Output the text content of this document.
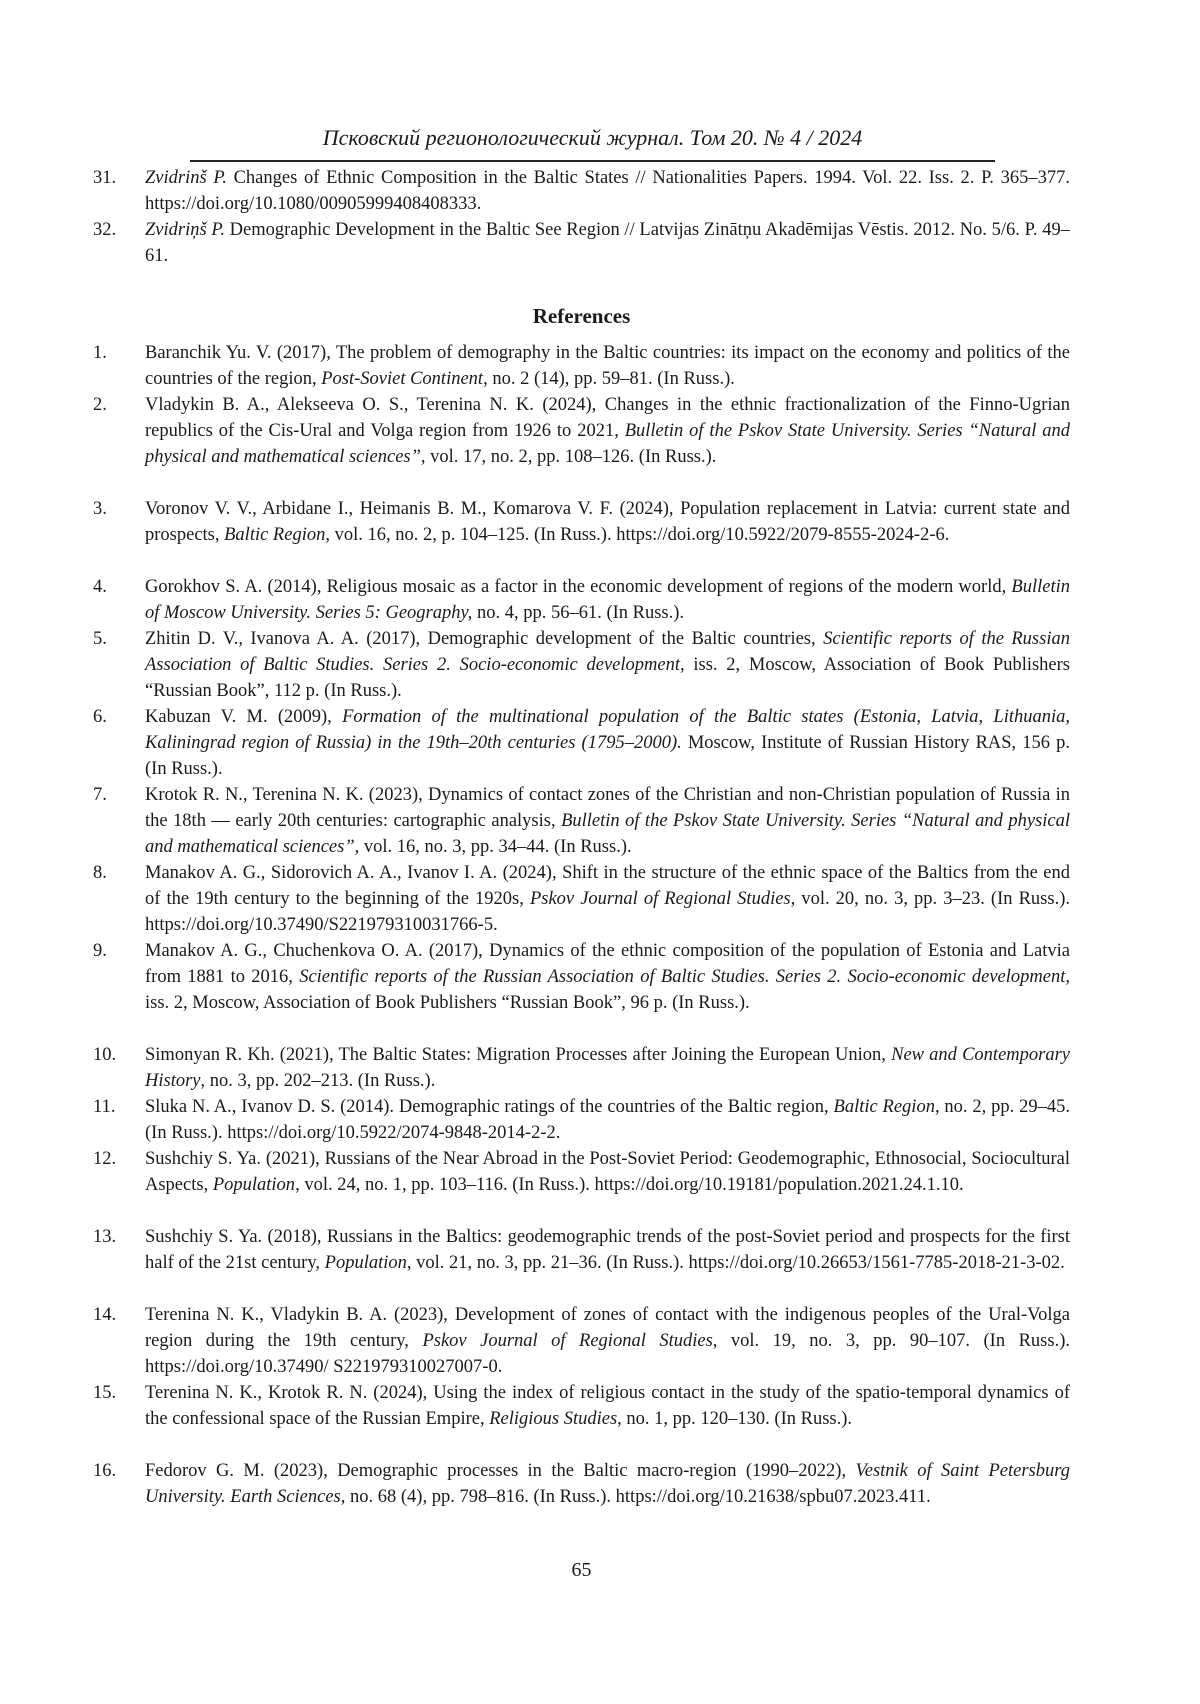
Псковский регионологический журнал. Том 20. № 4 / 2024
31.	Zvidrinš P. Changes of Ethnic Composition in the Baltic States // Nationalities Papers. 1994. Vol. 22. Iss. 2. P. 365–377. https://doi.org/10.1080/00905999408408333.
32.	Zvidriņš P. Demographic Development in the Baltic See Region // Latvijas Zinātņu Akadēmijas Vēstis. 2012. No. 5/6. P. 49–61.
References
1.	Baranchik Yu. V. (2017), The problem of demography in the Baltic countries: its impact on the economy and politics of the countries of the region, Post-Soviet Continent, no. 2 (14), pp. 59–81. (In Russ.).
2.	Vladykin B. A., Alekseeva O. S., Terenina N. K. (2024), Changes in the ethnic fractionalization of the Finno-Ugrian republics of the Cis-Ural and Volga region from 1926 to 2021, Bulletin of the Pskov State University. Series “Natural and physical and mathematical sciences”, vol. 17, no. 2, pp. 108–126. (In Russ.).
3.	Voronov V. V., Arbidane I., Heimanis B. M., Komarova V. F. (2024), Population replacement in Latvia: current state and prospects, Baltic Region, vol. 16, no. 2, p. 104–125. (In Russ.). https://doi.org/10.5922/2079-8555-2024-2-6.
4.	Gorokhov S. A. (2014), Religious mosaic as a factor in the economic development of regions of the modern world, Bulletin of Moscow University. Series 5: Geography, no. 4, pp. 56–61. (In Russ.).
5.	Zhitin D. V., Ivanova A. A. (2017), Demographic development of the Baltic countries, Scientific reports of the Russian Association of Baltic Studies. Series 2. Socio-economic development, iss. 2, Moscow, Association of Book Publishers “Russian Book”, 112 p. (In Russ.).
6.	Kabuzan V. M. (2009), Formation of the multinational population of the Baltic states (Estonia, Latvia, Lithuania, Kaliningrad region of Russia) in the 19th–20th centuries (1795–2000). Moscow, Institute of Russian History RAS, 156 p. (In Russ.).
7.	Krotok R. N., Terenina N. K. (2023), Dynamics of contact zones of the Christian and non-Christian population of Russia in the 18th — early 20th centuries: cartographic analysis, Bulletin of the Pskov State University. Series “Natural and physical and mathematical sciences”, vol. 16, no. 3, pp. 34–44. (In Russ.).
8.	Manakov A. G., Sidorovich A. A., Ivanov I. A. (2024), Shift in the structure of the ethnic space of the Baltics from the end of the 19th century to the beginning of the 1920s, Pskov Journal of Regional Studies, vol. 20, no. 3, pp. 3–23. (In Russ.). https://doi.org/10.37490/S221979310031766-5.
9.	Manakov A. G., Chuchenkova O. A. (2017), Dynamics of the ethnic composition of the population of Estonia and Latvia from 1881 to 2016, Scientific reports of the Russian Association of Baltic Studies. Series 2. Socio-economic development, iss. 2, Moscow, Association of Book Publishers “Russian Book”, 96 p. (In Russ.).
10.	Simonyan R. Kh. (2021), The Baltic States: Migration Processes after Joining the European Union, New and Contemporary History, no. 3, pp. 202–213. (In Russ.).
11.	Sluka N. A., Ivanov D. S. (2014). Demographic ratings of the countries of the Baltic region, Baltic Region, no. 2, pp. 29–45. (In Russ.). https://doi.org/10.5922/2074-9848-2014-2-2.
12.	Sushchiy S. Ya. (2021), Russians of the Near Abroad in the Post-Soviet Period: Geodemographic, Ethnosocial, Sociocultural Aspects, Population, vol. 24, no. 1, pp. 103–116. (In Russ.). https://doi.org/10.19181/population.2021.24.1.10.
13.	Sushchiy S. Ya. (2018), Russians in the Baltics: geodemographic trends of the post-Soviet period and prospects for the first half of the 21st century, Population, vol. 21, no. 3, pp. 21–36. (In Russ.). https://doi.org/10.26653/1561-7785-2018-21-3-02.
14.	Terenina N. K., Vladykin B. A. (2023), Development of zones of contact with the indigenous peoples of the Ural-Volga region during the 19th century, Pskov Journal of Regional Studies, vol. 19, no. 3, pp. 90–107. (In Russ.). https://doi.org/10.37490/ S221979310027007-0.
15.	Terenina N. K., Krotok R. N. (2024), Using the index of religious contact in the study of the spatio-temporal dynamics of the confessional space of the Russian Empire, Religious Studies, no. 1, pp. 120–130. (In Russ.).
16.	Fedorov G. M. (2023), Demographic processes in the Baltic macro-region (1990–2022), Vestnik of Saint Petersburg University. Earth Sciences, no. 68 (4), pp. 798–816. (In Russ.). https://doi.org/10.21638/spbu07.2023.411.
65
